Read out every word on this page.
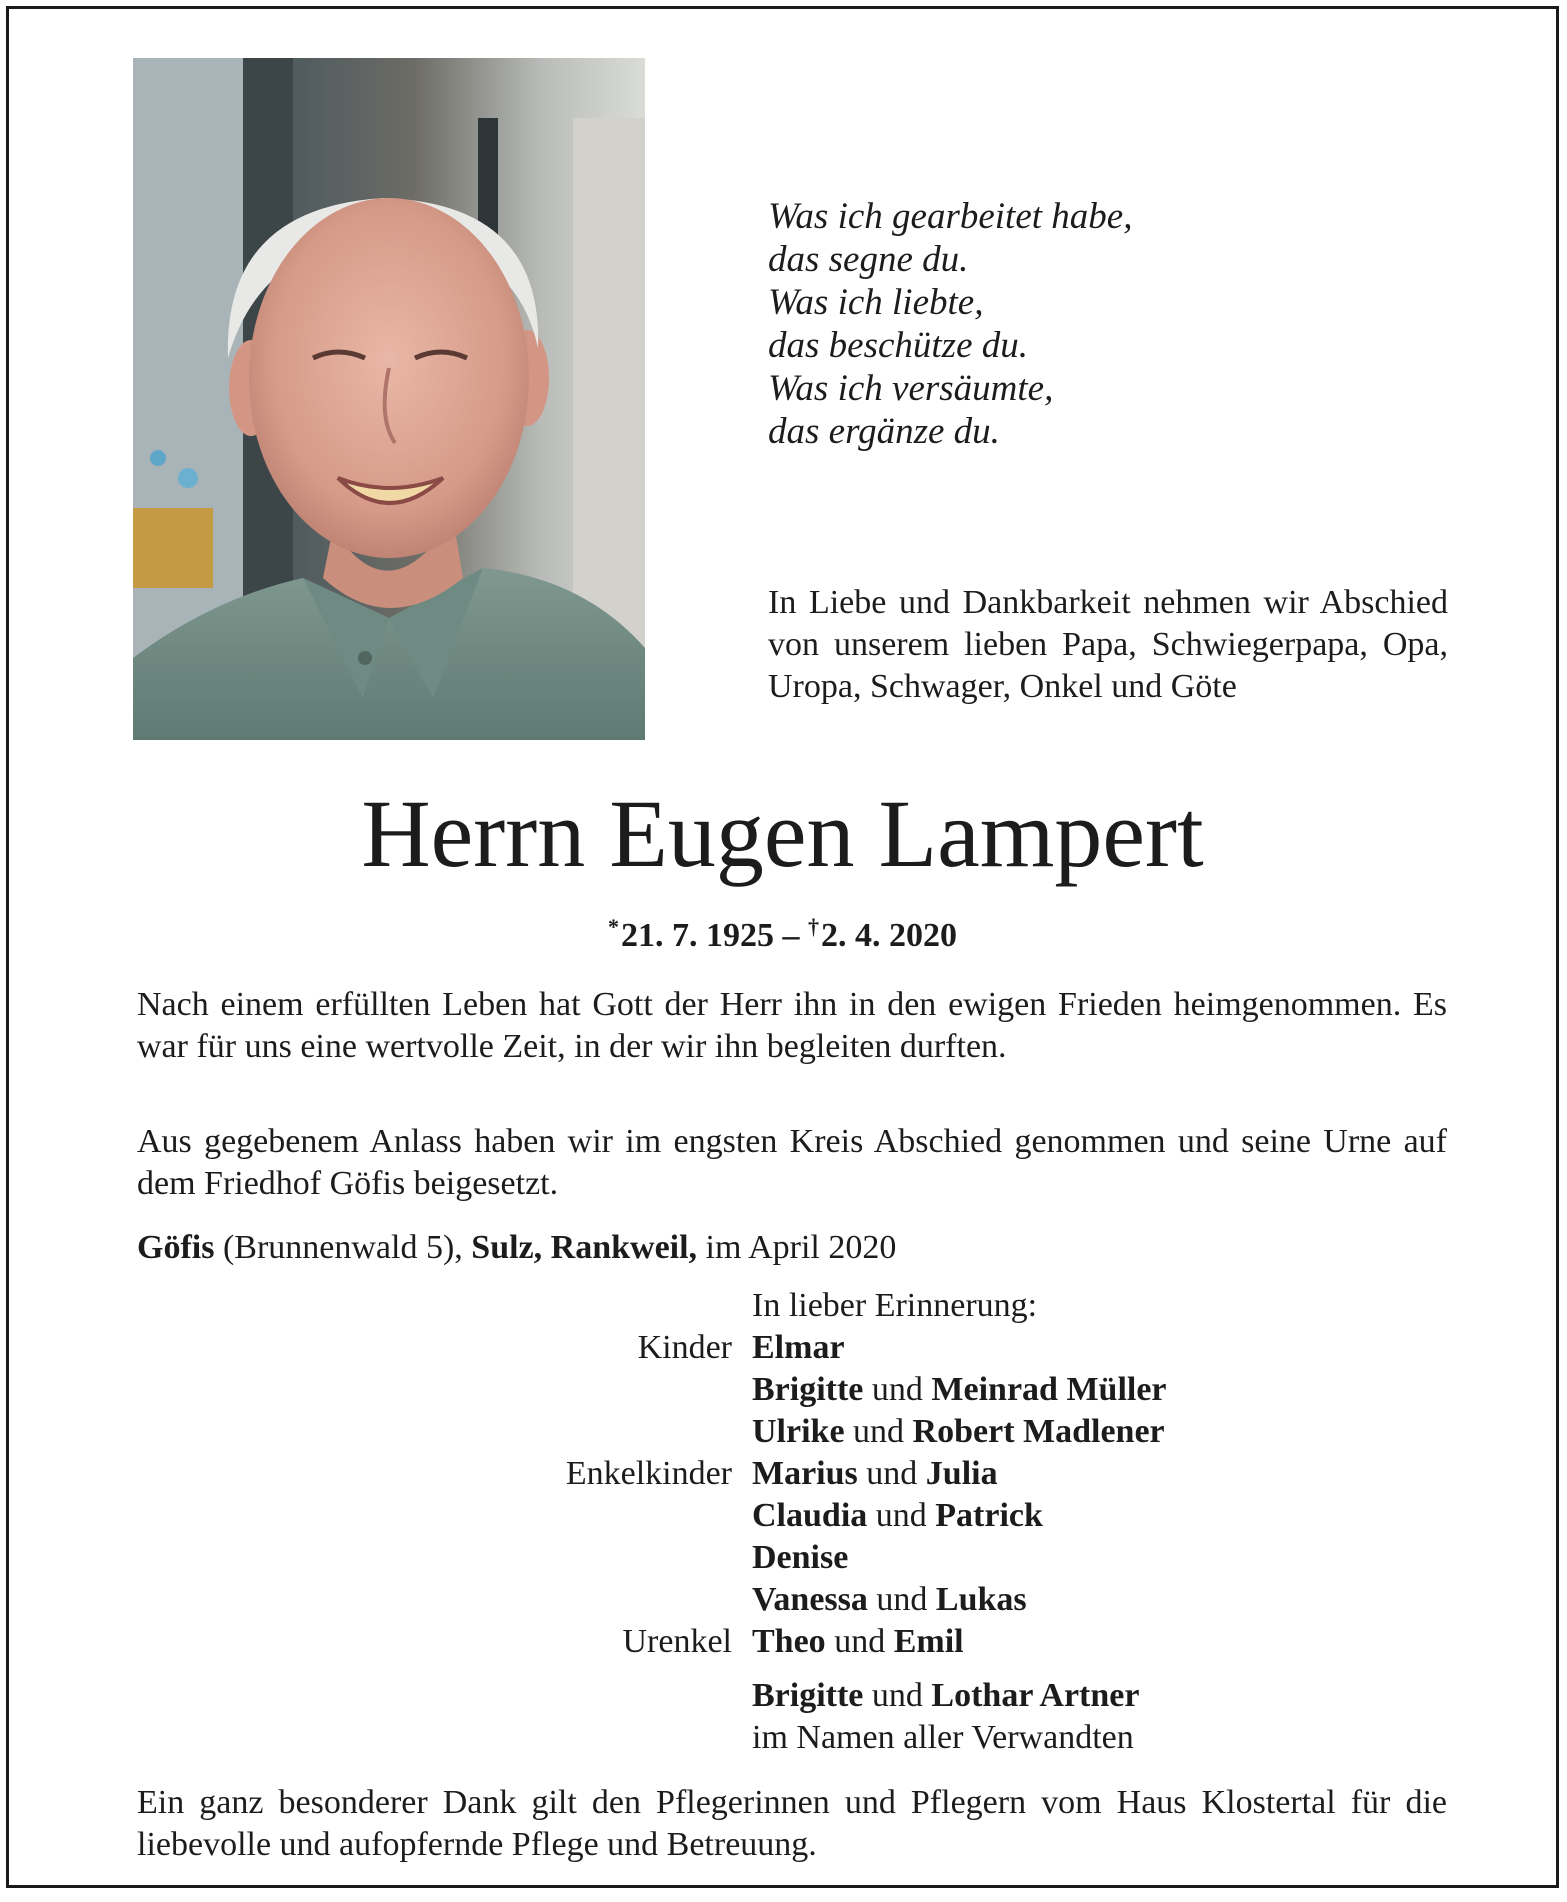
Was ich gearbeitet habe,
das segne du.
Was ich liebte,
das beschütze du.
Was ich versäumte,
das ergänze du.
In Liebe und Dankbarkeit nehmen wir Abschied von unserem lieben Papa, Schwiegerpapa, Opa, Uropa, Schwager, Onkel und Göte
Herrn Eugen Lampert
*21. 7. 1925 – †2. 4. 2020
Nach einem erfüllten Leben hat Gott der Herr ihn in den ewigen Frieden heimgenommen. Es war für uns eine wertvolle Zeit, in der wir ihn begleiten durften.
Aus gegebenem Anlass haben wir im engsten Kreis Abschied genommen und seine Urne auf dem Friedhof Göfis beigesetzt.
Göfis (Brunnenwald 5), Sulz, Rankweil, im April 2020
In lieber Erinnerung:
Kinder Elmar
Brigitte und Meinrad Müller
Ulrike und Robert Madlener
Enkelkinder Marius und Julia
Claudia und Patrick
Denise
Vanessa und Lukas
Urenkel Theo und Emil
Brigitte und Lothar Artner
im Namen aller Verwandten
Ein ganz besonderer Dank gilt den Pflegerinnen und Pflegern vom Haus Klostertal für die liebevolle und aufopfernde Pflege und Betreuung.
